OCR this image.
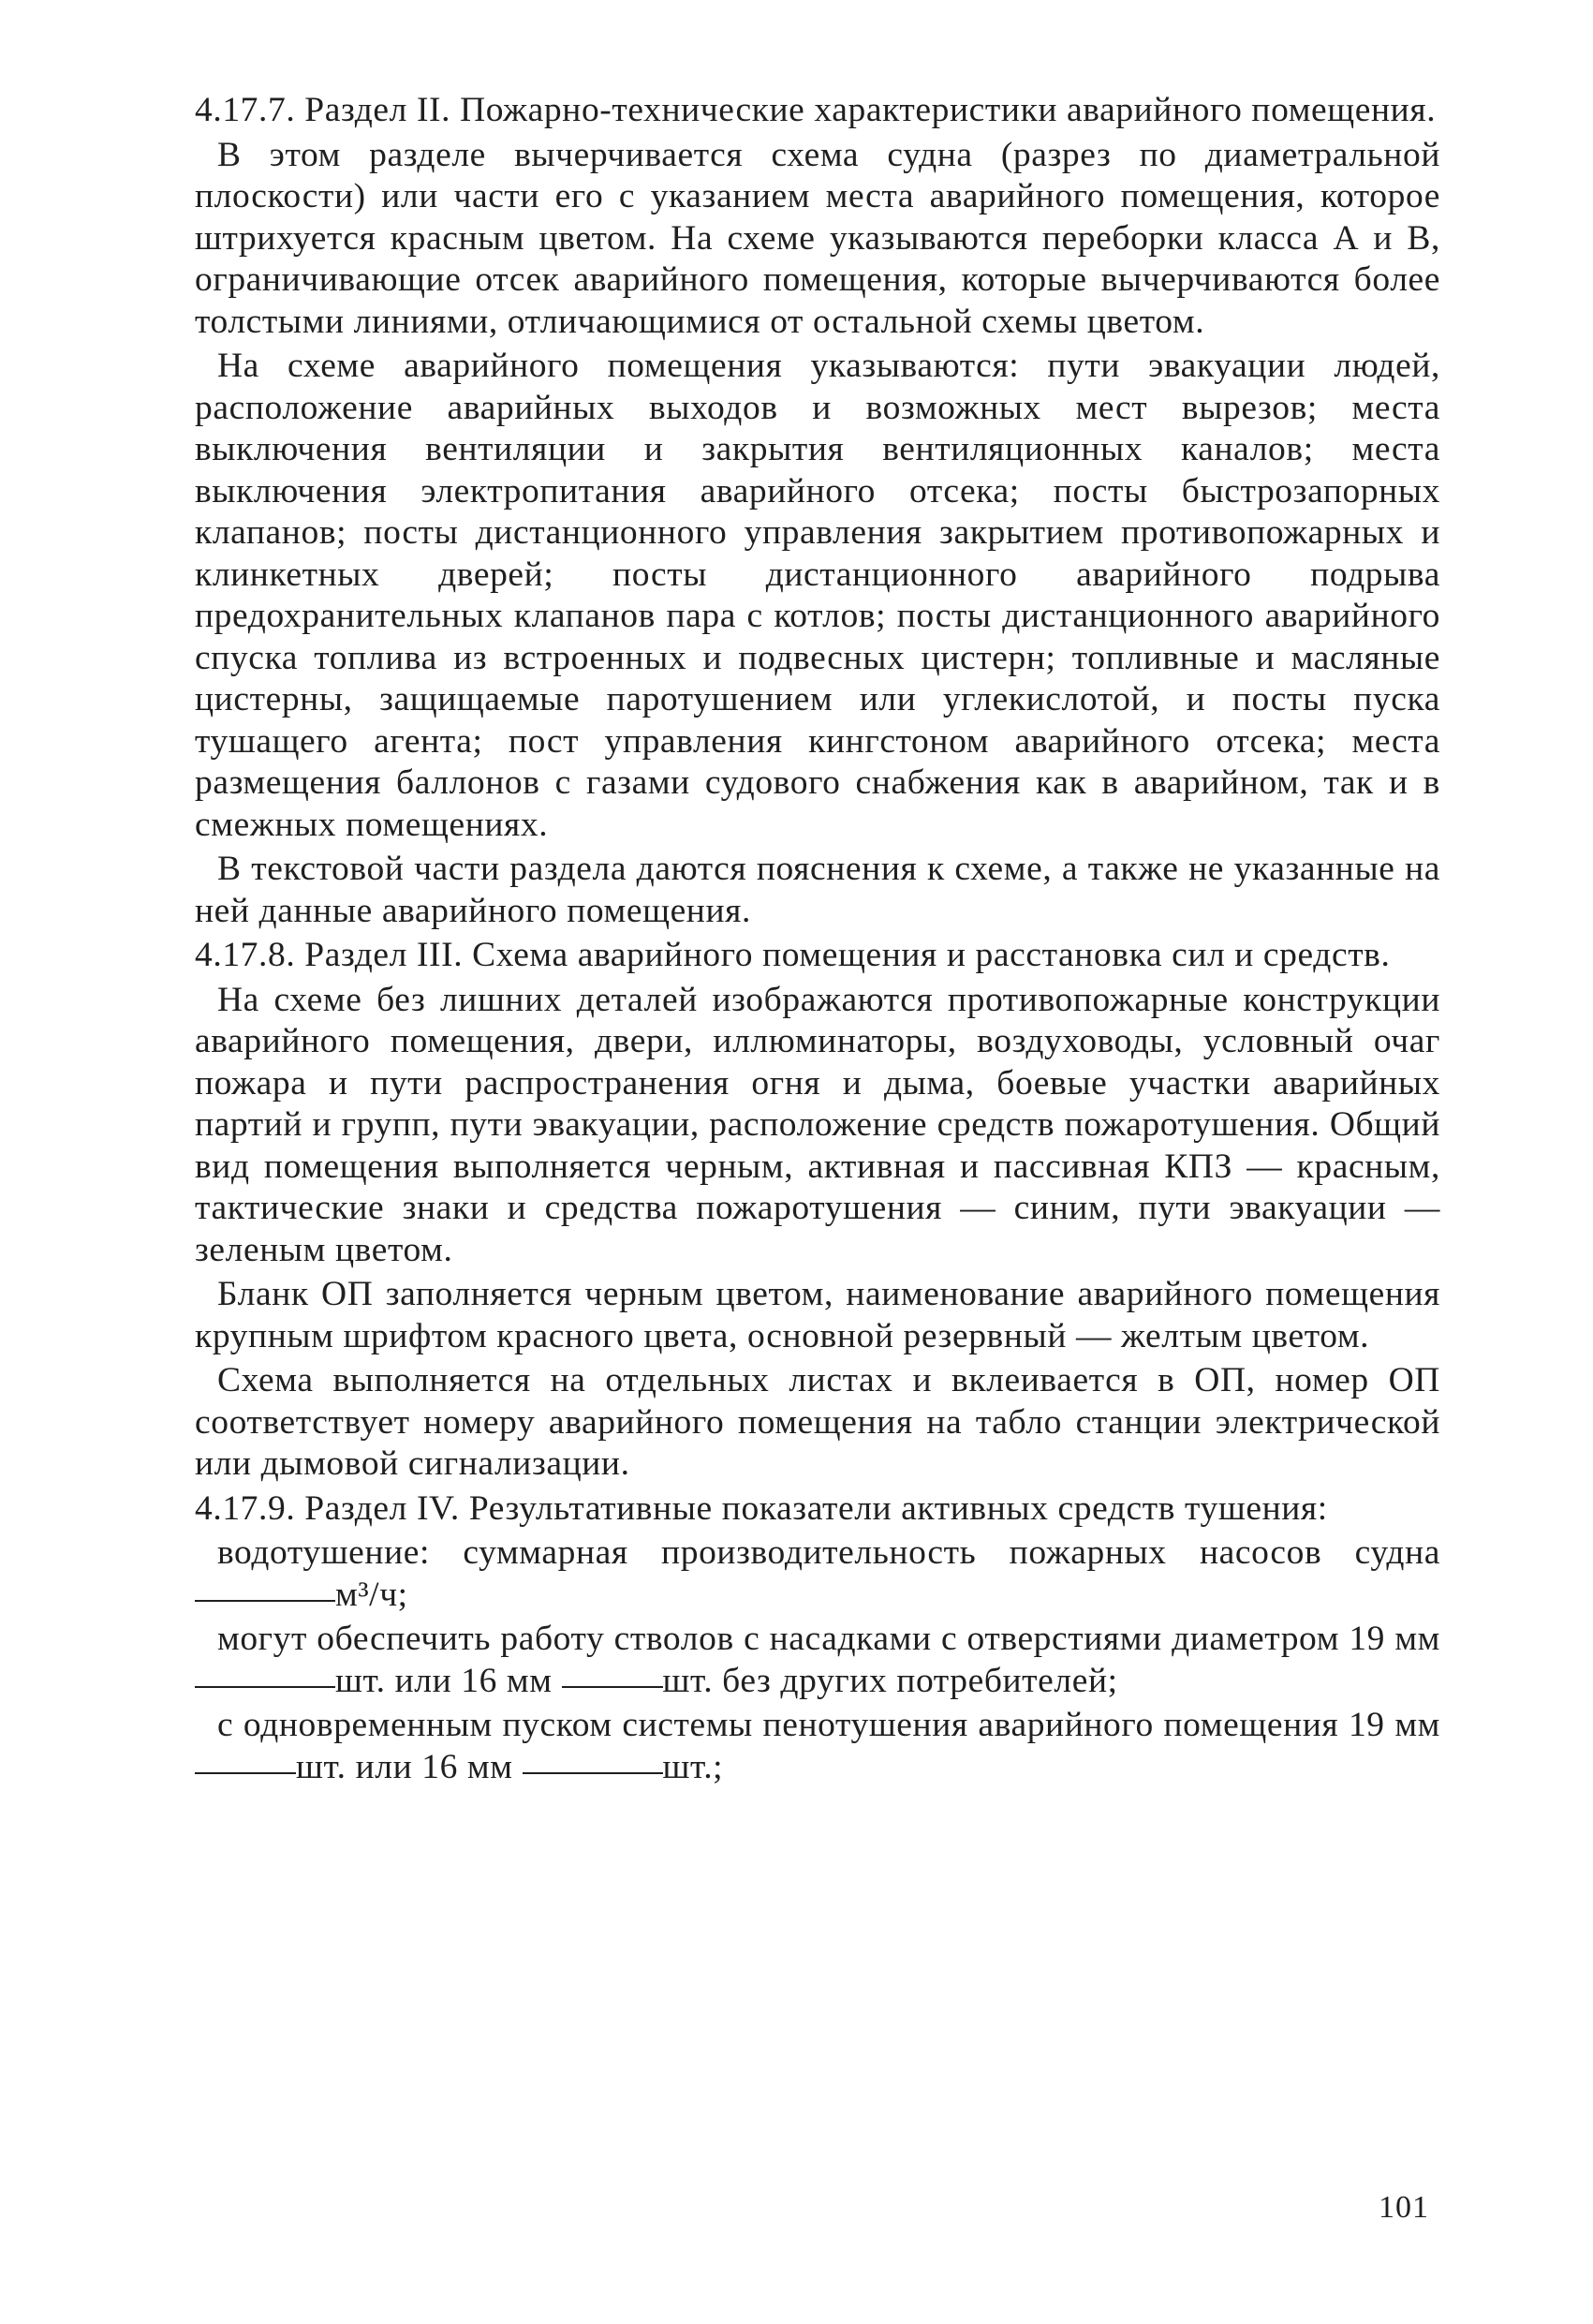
4.17.7. Раздел II. Пожарно-технические характеристики аварийного помещения.

В этом разделе вычерчивается схема судна (разрез по диаметральной плоскости) или части его с указанием места аварийного помещения, которое штрихуется красным цветом. На схеме указываются переборки класса А и В, ограничивающие отсек аварийного помещения, которые вычерчиваются более толстыми линиями, отличающимися от остальной схемы цветом.

На схеме аварийного помещения указываются: пути эвакуации людей, расположение аварийных выходов и возможных мест вырезов; места выключения вентиляции и закрытия вентиляционных каналов; места выключения электропитания аварийного отсека; посты быстрозапорных клапанов; посты дистанционного управления закрытием противопожарных и клинкетных дверей; посты дистанционного аварийного подрыва предохранительных клапанов пара с котлов; посты дистанционного аварийного спуска топлива из встроенных и подвесных цистерн; топливные и масляные цистерны, защищаемые паротушением или углекислотой, и посты пуска тушащего агента; пост управления кингстоном аварийного отсека; места размещения баллонов с газами судового снабжения как в аварийном, так и в смежных помещениях.

В текстовой части раздела даются пояснения к схеме, а также не указанные на ней данные аварийного помещения.

4.17.8. Раздел III. Схема аварийного помещения и расстановка сил и средств.

На схеме без лишних деталей изображаются противопожарные конструкции аварийного помещения, двери, иллюминаторы, воздуховоды, условный очаг пожара и пути распространения огня и дыма, боевые участки аварийных партий и групп, пути эвакуации, расположение средств пожаротушения. Общий вид помещения выполняется черным, активная и пассивная КПЗ — красным, тактические знаки и средства пожаротушения — синим, пути эвакуации — зеленым цветом.

Бланк ОП заполняется черным цветом, наименование аварийного помещения крупным шрифтом красного цвета, основной резервный — желтым цветом.

Схема выполняется на отдельных листах и вклеивается в ОП, номер ОП соответствует номеру аварийного помещения на табло станции электрической или дымовой сигнализации.

4.17.9. Раздел IV. Результативные показатели активных средств тушения:

водотушение: суммарная производительность пожарных насосов судна м³/ч;

могут обеспечить работу стволов с насадками с отверстиями диаметром 19 мм шт. или 16 мм	шт. без других потребителей;

с одновременным пуском системы пенотушения аварийного помещения 19 мм шт. или 16 мм	шт.;

101
